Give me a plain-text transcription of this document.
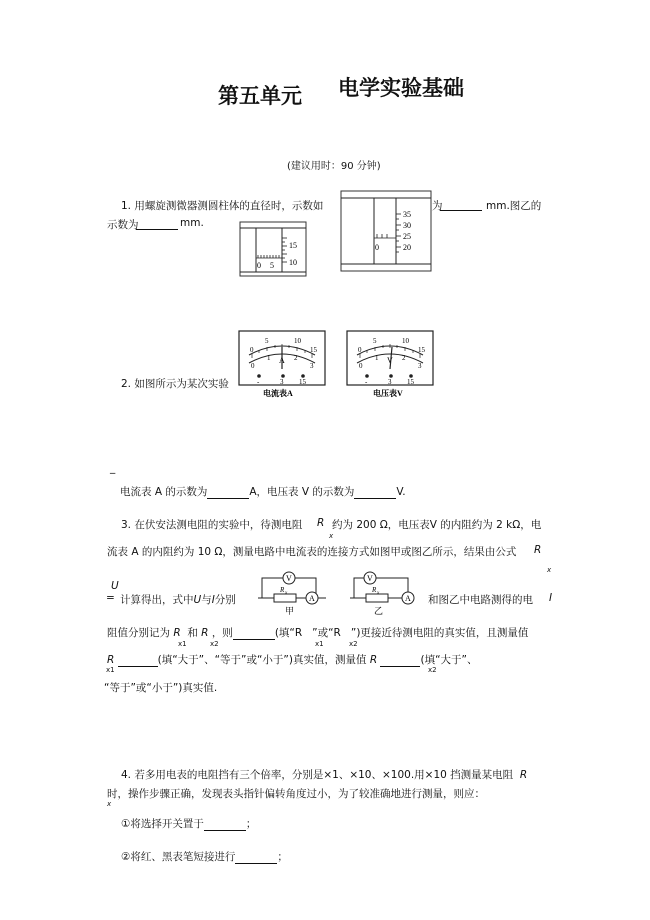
第五单元 电学实验基础
(建议用时：90 分钟)
1. 用螺旋测微器测圆柱体的直径时，示数如	为
	mm.图乙的
示数为
	mm.
15
10
0 5
35
30
25
20
0
2. 如图所示为某次实验
0
5	10
15
0
1	2
3
A
-	3 15
电流表A
0
5	10
15
0
1	2
3
V
-	3 15
电压表V
‾
电流表 A 的示数为	A，电压表 V 的示数为	V.
3. 在伏安法测电阻的实验中，待测电阻 R
x
约为 200 Ω，电压表V 的内阻约为 2 kΩ，电
流表 A 的内阻约为 10 Ω，测量电路中电流表的连接方式如图甲或图乙所示，结果由公式 R
x
U
= 计算得出，式中U与I分别
V
A
V
A
R x	R x
甲	乙
和图乙中电路测得的电 I
阻值分别记为 R 和 R ，则	(填“R ”或“R ”)更接近待测电阻的真实值，且测量值
x1	x2	x1	x2
R	(填“大于”、“等于”或“小于”)真实值，测量值 R	(填“大于”、
x1	x2
“等于”或“小于”)真实值.
4. 若多用电表的电阻挡有三个倍率，分别是×1、×10、×100.用×10 挡测量某电阻 R
x
时，操作步骤正确，发现表头指针偏转角度过小，为了较准确地进行测量，则应：
①将选择开关置于	；
②将红、黑表笔短接进行	；
